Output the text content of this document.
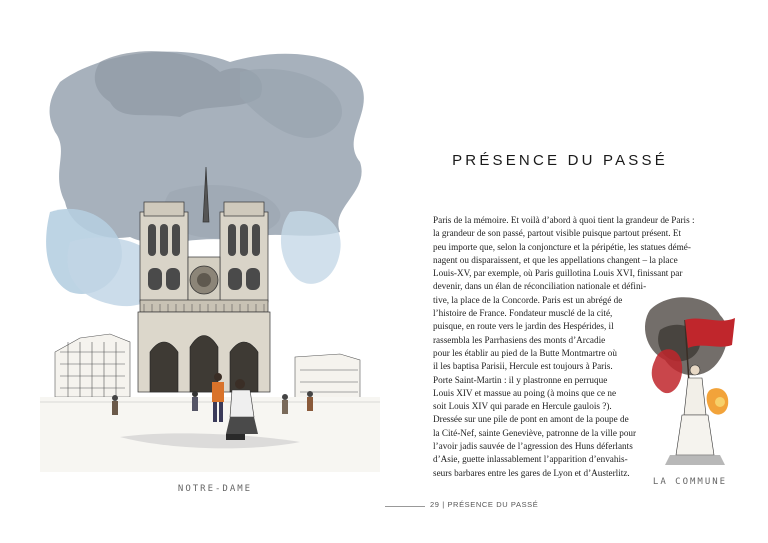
NOTRE-DAME
PRÉSENCE DU PASSÉ
Paris de la mémoire. Et voilà d’abord à quoi tient la grandeur de Paris :
la grandeur de son passé, partout visible puisque partout présent. Et
peu importe que, selon la conjoncture et la péripétie, les statues démé-
nagent ou disparaissent, et que les appellations changent – la place
Louis-XV, par exemple, où Paris guillotina Louis XVI, finissant par
devenir, dans un élan de réconciliation nationale et défini-
tive, la place de la Concorde. Paris est un abrégé de
l’histoire de France. Fondateur musclé de la cité,
puisque, en route vers le jardin des Hespérides, il
rassembla les Parrhasiens des monts d’Arcadie
pour les établir au pied de la Butte Montmartre où
il les baptisa Parisii, Hercule est toujours à Paris.
Porte Saint-Martin : il y plastronne en perruque
Louis XIV et massue au poing (à moins que ce ne
soit Louis XIV qui parade en Hercule gaulois ?).
Dressée sur une pile de pont en amont de la poupe de
la Cité-Nef, sainte Geneviève, patronne de la ville pour
l’avoir jadis sauvée de l’agression des Huns déferlants
d’Asie, guette inlassablement l’apparition d’envahis-
seurs barbares entre les gares de Lyon et d’Austerlitz.
LA COMMUNE
29 | PRÉSENCE DU PASSÉ
